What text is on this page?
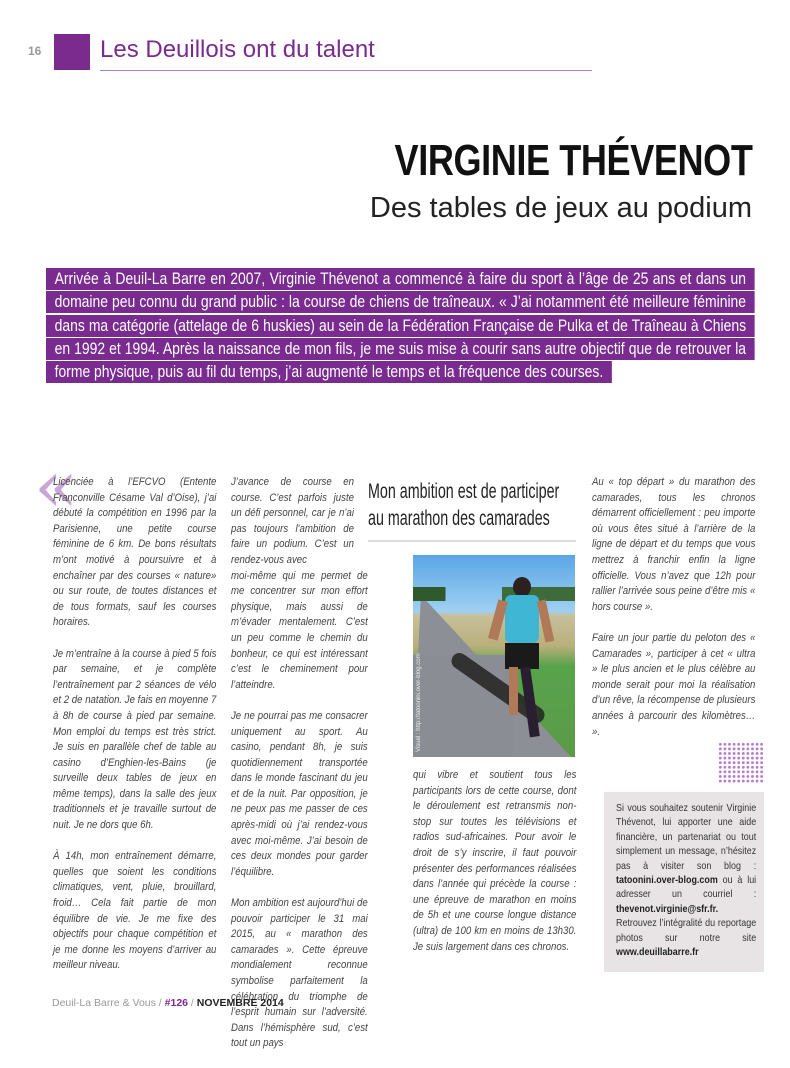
16 Les Deuillois ont du talent
VIRGINIE THÉVENOT
Des tables de jeux au podium
Arrivée à Deuil-La Barre en 2007, Virginie Thévenot a commencé à faire du sport à l’âge de 25 ans et dans un domaine peu connu du grand public : la course de chiens de traîneaux. « J’ai notamment été meilleure féminine dans ma catégorie (attelage de 6 huskies) au sein de la Fédération Française de Pulka et de Traîneau à Chiens en 1992 et 1994. Après la naissance de mon fils, je me suis mise à courir sans autre objectif que de retrouver la forme physique, puis au fil du temps, j’ai augmenté le temps et la fréquence des courses.
«

Licenciée à l’EFCVO (Entente Franconville Césame Val d’Oise), j’ai débuté la compétition en 1996 par la Parisienne, une petite course féminine de 6 km. De bons résultats m’ont motivé à poursuivre et à enchaîner par des courses « nature» ou sur route, de toutes distances et de tous formats, sauf les courses horaires.

Je m’entraîne à la course à pied 5 fois par semaine, et je complète l’entraînement par 2 séances de vélo et 2 de natation. Je fais en moyenne 7 à 8h de course à pied par semaine. Mon emploi du temps est très strict. Je suis en parallèle chef de table au casino d’Enghien-les-Bains (je surveille deux tables de jeux en même temps), dans la salle des jeux traditionnels et je travaille surtout de nuit. Je ne dors que 6h.

À 14h, mon entraînement démarre, quelles que soient les conditions climatiques, vent, pluie, brouillard, froid… Cela fait partie de mon équilibre de vie. Je me fixe des objectifs pour chaque compétition et je me donne les moyens d’arriver au meilleur niveau.

J’avance de course en course. C’est parfois juste un défi personnel, car je n’ai pas toujours l'ambition de faire un podium. C’est un rendez-vous avec

moi-même qui me permet de me concentrer sur mon effort physique, mais aussi de m’évader mentalement. C’est un peu comme le chemin du bonheur, ce qui est intéressant c’est le cheminement pour l’atteindre.

Je ne pourrai pas me consacrer uniquement au sport. Au casino, pendant 8h, je suis quotidiennement transportée dans le monde fascinant du jeu et de la nuit. Par opposition, je ne peux pas me passer de ces après-midi où j’ai rendez-vous avec moi-même. J’ai besoin de ces deux mondes pour garder l’équilibre.

Mon ambition est aujourd’hui de pouvoir participer le 31 mai 2015, au « marathon des camarades ». Cette épreuve mondialement reconnue symbolise parfaitement la célébration du triomphe de l’esprit humain sur l’adversité. Dans l’hémisphère sud, c’est tout un pays

Mon ambition est de participer au marathon des camarades
Visuel : http://tatoonini.over-blog.com

qui vibre et soutient tous les participants lors de cette course, dont le déroulement est retransmis non-stop sur toutes les télévisions et radios sud-africaines. Pour avoir le droit de s’y inscrire, il faut pouvoir présenter des performances réalisées dans l’année qui précède la course : une épreuve de marathon en moins de 5h et une course longue distance (ultra) de 100 km en moins de 13h30. Je suis largement dans ces chronos.

Au « top départ » du marathon des camarades, tous les chronos démarrent officiellement : peu importe où vous êtes situé à l’arrière de la ligne de départ et du temps que vous mettrez à franchir enfin la ligne officielle. Vous n’avez que 12h pour rallier l’arrivée sous peine d’être mis « hors course ».

Faire un jour partie du peloton des « Camarades », participer à cet « ultra » le plus ancien et le plus célèbre au monde serait pour moi la réalisation d’un rêve, la récompense de plusieurs années à parcourir des kilomètres… ».

Si vous souhaitez soutenir Virginie Thévenot, lui apporter une aide financière, un partenariat ou tout simplement un message, n’hésitez pas à visiter son blog : tatoonini.over-blog.com ou à lui adresser un courriel : thevenot.virginie@sfr.fr. Retrouvez l’intégralité du reportage photos sur notre site www.deuillabarre.fr
Deuil-La Barre & Vous / #126 / NOVEMBRE 2014
